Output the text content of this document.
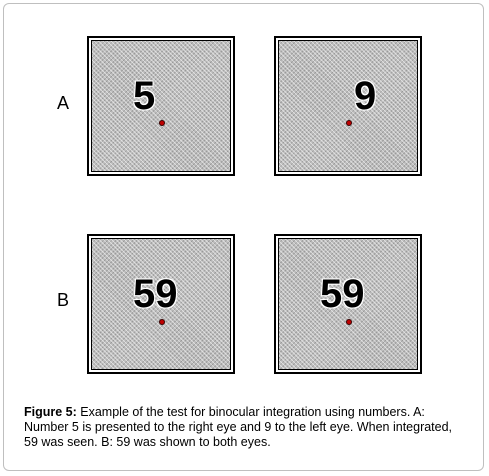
A 5	9
B 59	59
Figure 5: Example of the test for binocular integration using numbers. A: Number 5 is presented to the right eye and 9 to the left eye. When integrated, 59 was seen. B: 59 was shown to both eyes.
